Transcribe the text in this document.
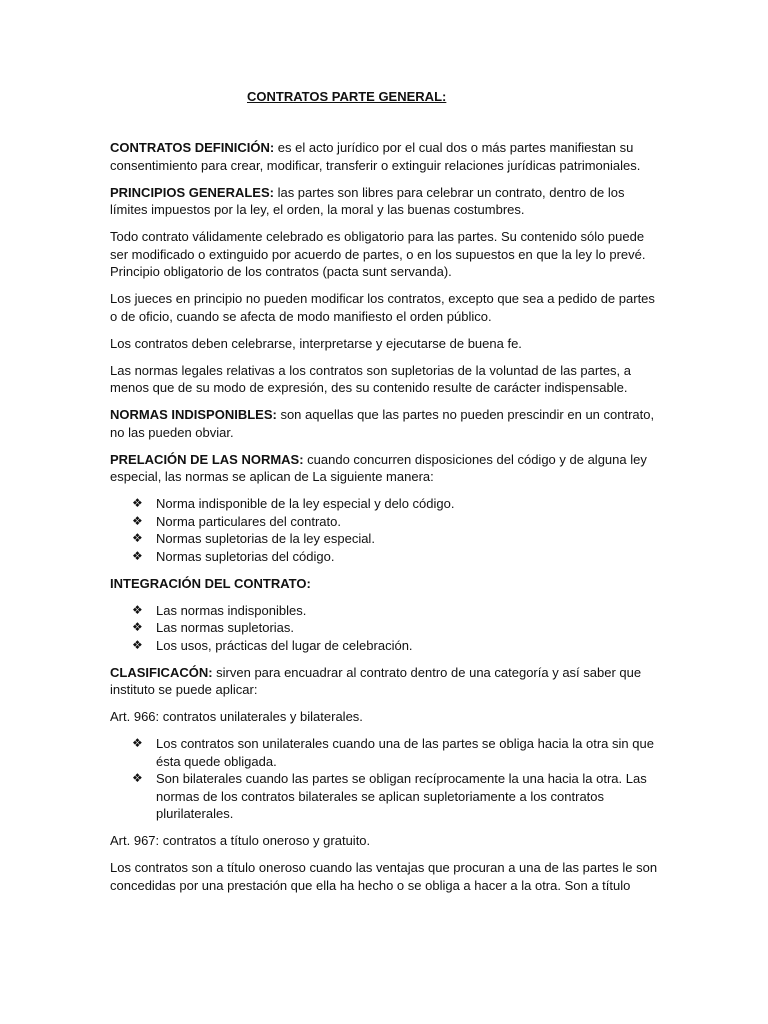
CONTRATOS PARTE GENERAL:

CONTRATOS DEFINICIÓN: es el acto jurídico por el cual dos o más partes manifiestan su consentimiento para crear, modificar, transferir o extinguir relaciones jurídicas patrimoniales.

PRINCIPIOS GENERALES: las partes son libres para celebrar un contrato, dentro de los límites impuestos por la ley, el orden, la moral y las buenas costumbres.

Todo contrato válidamente celebrado es obligatorio para las partes. Su contenido sólo puede ser modificado o extinguido por acuerdo de partes, o en los supuestos en que la ley lo prevé. Principio obligatorio de los contratos (pacta sunt servanda).

Los jueces en principio no pueden modificar los contratos, excepto que sea a pedido de partes o de oficio, cuando se afecta de modo manifiesto el orden público.

Los contratos deben celebrarse, interpretarse y ejecutarse de buena fe.

Las normas legales relativas a los contratos son supletorias de la voluntad de las partes, a menos que de su modo de expresión, des su contenido resulte de carácter indispensable.

NORMAS INDISPONIBLES: son aquellas que las partes no pueden prescindir en un contrato, no las pueden obviar.

PRELACIÓN DE LAS NORMAS: cuando concurren disposiciones del código y de alguna ley especial, las normas se aplican de La siguiente manera:

❖ Norma indisponible de la ley especial y delo código.
❖ Norma particulares del contrato.
❖ Normas supletorias de la ley especial.
❖ Normas supletorias del código.

INTEGRACIÓN DEL CONTRATO:

❖ Las normas indisponibles.
❖ Las normas supletorias.
❖ Los usos, prácticas del lugar de celebración.

CLASIFICACÓN: sirven para encuadrar al contrato dentro de una categoría y así saber que instituto se puede aplicar:

Art. 966: contratos unilaterales y bilaterales.

❖ Los contratos son unilaterales cuando una de las partes se obliga hacia la otra sin que ésta quede obligada.
❖ Son bilaterales cuando las partes se obligan recíprocamente la una hacia la otra. Las normas de los contratos bilaterales se aplican supletoriamente a los contratos plurilaterales.

Art. 967: contratos a título oneroso y gratuito.

Los contratos son a título oneroso cuando las ventajas que procuran a una de las partes le son concedidas por una prestación que ella ha hecho o se obliga a hacer a la otra. Son a título
